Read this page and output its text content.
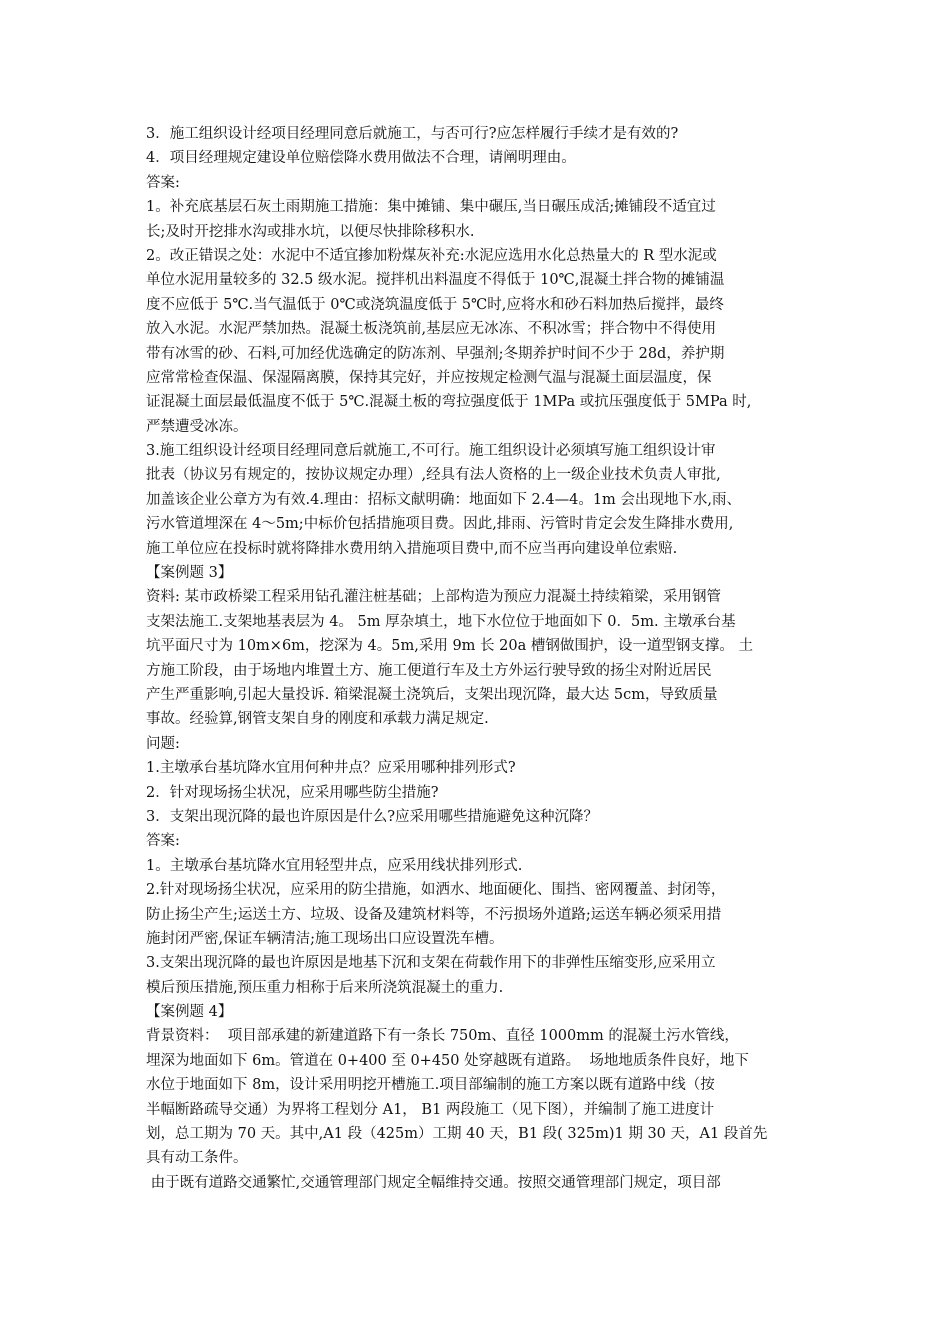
3．施工组织设计经项目经理同意后就施工，与否可行?应怎样履行手续才是有效的?
4．项目经理规定建设单位赔偿降水费用做法不合理，请阐明理由。
答案:
1。补充底基层石灰土雨期施工措施：集中摊铺、集中碾压,当日碾压成活;摊铺段不适宜过
长;及时开挖排水沟或排水坑，以便尽快排除移积水.
2。改正错误之处：水泥中不适宜掺加粉煤灰补充:水泥应选用水化总热量大的 R 型水泥或
单位水泥用量较多的 32.5 级水泥。搅拌机出料温度不得低于 10℃,混凝土拌合物的摊铺温
度不应低于 5℃.当气温低于 0℃或浇筑温度低于 5℃时,应将水和砂石料加热后搅拌，最终
放入水泥。水泥严禁加热。混凝土板浇筑前,基层应无冰冻、不积冰雪；拌合物中不得使用
带有冰雪的砂、石料,可加经优选确定的防冻剂、早强剂;冬期养护时间不少于 28d，养护期
应常常检查保温、保湿隔离膜，保持其完好，并应按规定检测气温与混凝土面层温度，保
证混凝土面层最低温度不低于 5℃.混凝土板的弯拉强度低于 1MPa 或抗压强度低于 5MPa 时,
严禁遭受冰冻。
3.施工组织设计经项目经理同意后就施工,不可行。施工组织设计必须填写施工组织设计审
批表（协议另有规定的，按协议规定办理）,经具有法人资格的上一级企业技术负责人审批,
加盖该企业公章方为有效.4.理由：招标文献明确：地面如下 2.4—4。1m 会出现地下水,雨、
污水管道埋深在 4～5m;中标价包括措施项目费。因此,排雨、污管时肯定会发生降排水费用,
施工单位应在投标时就将降排水费用纳入措施项目费中,而不应当再向建设单位索赔.
【案例题 3】
资料: 某市政桥梁工程采用钻孔灌注桩基础；上部构造为预应力混凝土持续箱梁，采用钢管
支架法施工.支架地基表层为 4。 5m 厚杂填土，地下水位位于地面如下 0．5m. 主墩承台基
坑平面尺寸为 10m×6m，挖深为 4。5m,采用 9m 长 20a 槽钢做围护，设一道型钢支撑。 土
方施工阶段，由于场地内堆置土方、施工便道行车及土方外运行驶导致的扬尘对附近居民
产生严重影响,引起大量投诉. 箱梁混凝土浇筑后，支架出现沉降，最大达 5cm，导致质量
事故。经验算,钢管支架自身的刚度和承载力满足规定.
问题:
1.主墩承台基坑降水宜用何种井点？应采用哪种排列形式?
2．针对现场扬尘状况，应采用哪些防尘措施?
3．支架出现沉降的最也许原因是什么?应采用哪些措施避免这种沉降？
答案:
1。主墩承台基坑降水宜用轻型井点，应采用线状排列形式.
2.针对现场扬尘状况，应采用的防尘措施，如洒水、地面硬化、围挡、密网覆盖、封闭等，
防止扬尘产生;运送土方、垃圾、设备及建筑材料等，不污损场外道路;运送车辆必须采用措
施封闭严密,保证车辆清洁;施工现场出口应设置洗车槽。
3.支架出现沉降的最也许原因是地基下沉和支架在荷载作用下的非弹性压缩变形,应采用立
模后预压措施,预压重力相称于后来所浇筑混凝土的重力.
【案例题 4】
背景资料：  项目部承建的新建道路下有一条长 750m、直径 1000mm 的混凝土污水管线，
埋深为地面如下 6m。管道在 0+400 至 0+450 处穿越既有道路。  场地地质条件良好，地下
水位于地面如下 8m，设计采用明挖开槽施工.项目部编制的施工方案以既有道路中线（按
半幅断路疏导交通）为界将工程划分 A1， B1 两段施工（见下图），并编制了施工进度计
划，总工期为 70 天。其中,A1 段（425m）工期 40 天，B1 段( 325m)1 期 30 天，A1 段首先
具有动工条件。
由于既有道路交通繁忙,交通管理部门规定全幅维持交通。按照交通管理部门规定，项目部
